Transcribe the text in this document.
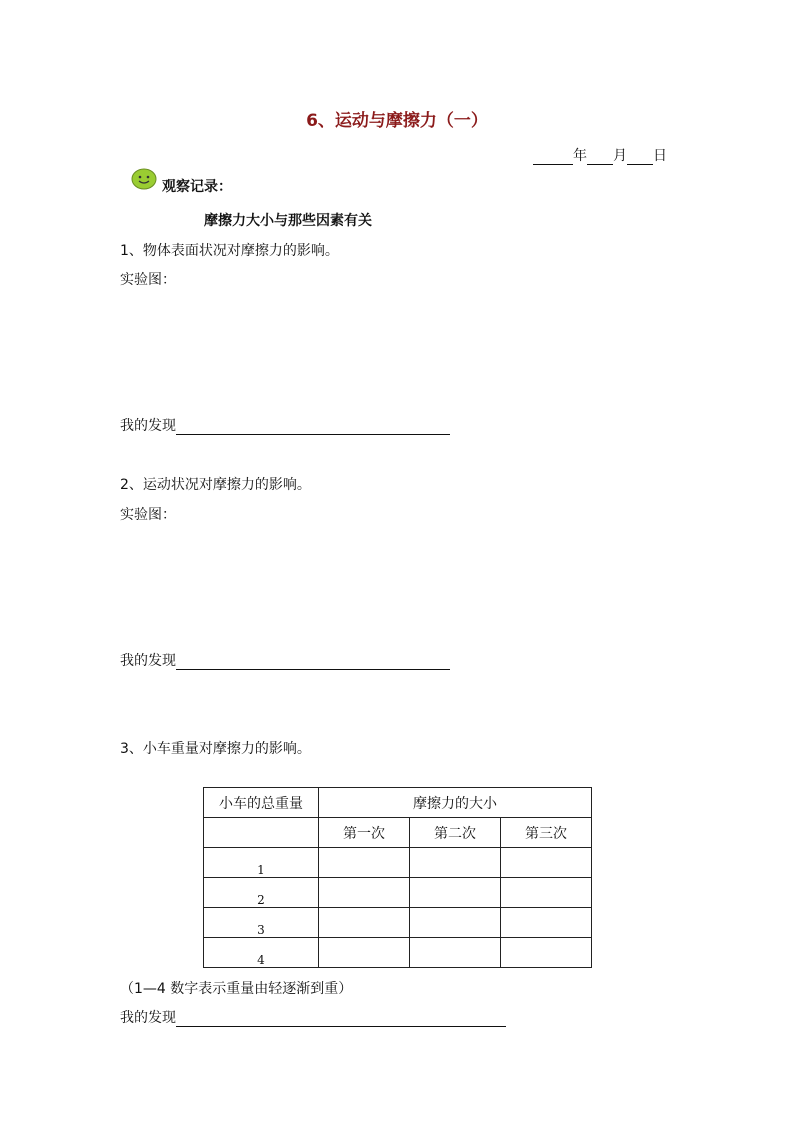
6、运动与摩擦力（一）
年 月 日
观察记录：
摩擦力大小与那些因素有关
1、物体表面状况对摩擦力的影响。
实验图：
我的发现
2、运动状况对摩擦力的影响。
实验图：
我的发现
3、小车重量对摩擦力的影响。
小车的总重量	摩擦力的大小		
	第一次	第二次	第三次
1			
2			
3			
4			
（1—4 数字表示重量由轻逐渐到重）
我的发现
